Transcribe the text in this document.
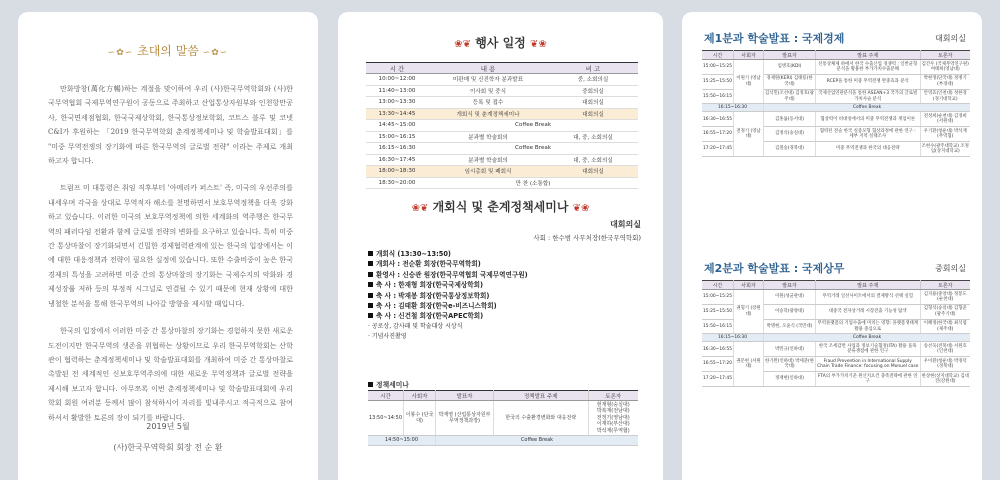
∽✿∽ 초대의 말씀 ∽✿∽

만화방창(萬化方暢)하는 계절을 맞이하여 우리 (사)한국무역학회와 (사)한국무역협회 국제무역연구원이 공동으로 주최하고 산업통상자원부와 인천항만공사, 한국면세점협회, 한국국제상학회, 한국통상정보학회, 코트스 블루 및 코넷C&I가 후원하는 「2019 한국무역학회 춘계정책세미나 및 학술발표대회」를 "미중 무역전쟁의 장기화에 따른 한국무역의 글로벌 전략" 이라는 주제로 개최하고자 합니다.

트럼프 미 대통령은 취임 직후부터 '아메리카 퍼스트' 즉, 미국의 우선주의를 내세우며 각국을 상대로 무역적자 해소를 천명하면서 보호무역정책을 더욱 강화하고 있습니다. 이러한 미국의 보호무역정책에 의한 세계화의 역주행은 한국무역의 패러다임 전환과 함께 글로벌 전략의 변화를 요구하고 있습니다. 특히 미중 간 통상마찰이 장기화되면서 긴밀한 경제협력관계에 있는 한국의 입장에서는 이에 대한 대응정책과 전략이 필요한 실정에 있습니다. 또한 수출비중이 높은 한국경제의 특성을 고려하면 미중 간의 통상마찰의 장기화는 국제수지의 악화와 경제성장률 저하 등의 부정적 시그널로 연결될 수 있기 때문에 현재 상황에 대한 냉철한 분석을 통해 한국무역의 나아갈 방향을 제시할 때입니다.

한국의 입장에서 이러한 미중 간 통상마찰의 장기화는 경험하지 못한 새로운 도전이지만 한국무역의 생존을 위협하는 상황이므로 우리 한국무역학회는 산학관이 협력하는 춘계정책세미나 및 학술발표대회를 개최하여 미중 간 통상마찰로 촉발된 전 세계적인 신보호무역주의에 대한 새로운 무역정책과 글로벌 전략을 제시해 보고자 합니다. 아무쪼록 이번 춘계정책세미나 및 학술발표대회에 우리 학회 회원 여러분 등께서 많이 참석하시어 자리를 빛내주시고 적극적으로 참여하셔서 활발한 토론의 장이 되기를 바랍니다.

2019년 5월
(사)한국무역학회 회장 전 순 환
❀❦ 행사 일정 ❦❀
시 간	내 용	비 고
10:00~12:00	미판매 및 신진학자 분과발표	중, 소회의실
11:40~13:00	이사회 및 중식	중회의실
13:00~13:30	등록 및 접수	대회의실
13:30~14:45	개회식 및 춘계정책세미나	대회의실
14:45~15:00	Coffee Break	
15:00~16:15	분과별 학술회의	대, 중, 소회의실
16:15~16:30	Coffee Break	
16:30~17:45	분과별 학술회의	대, 중, 소회의실
18:00~18:30	임시총회 및 폐회식	대회의실
18:30~20:00	만 찬 (소통합)	
❀❦ 개회식 및 춘계정책세미나 ❦❀
대회의실
사회 : 한수범 사무처장(한국무역학회)
개회식 (13:30~13:50)
개회사 : 전순환 회장(한국무역학회)
환영사 : 신승관 원장(한국무역협회 국제무역연구원)
축 사 : 한재형 회장(한국국제상학회)
축 사 : 박재봉 회장(한국통상정보학회)
축 사 : 김태환 회장(한국e-비즈니스학회)
축 사 : 신건철 회장(한국APEC학회)
· 공로상, 감사패 및 학술대상 시상식
· 기념사진촬영
정책세미나
시간	사회자	발표자	정책발표 주제	토론자
13:50~14:50	이봉수 (단국대)	박재영 (산업통상자원부 무역정책과장)	한국의 수출환경변화와 대응전략	현재형(숭실대)
박복재(전남대)
전정기(영남대)
이재하(부산대)
박석재(무역협)
14:50~15:00		Coffee Break		
제1분과 학술발표 : 국제경제	대회의실
시간	사회자	발표자	발표 주제	토론자
15:00~15:25	이원기 (영남대)	임병호(KDI)	신통상체제 하에서 한국 수출산업 경쟁력 : 일반균형분석을 활용한 부가가치수출분해	김건우 (국제무역연구원) 여태희(영남대)
15:25~15:50		경제원(KERI) 김태룡(한국대)	RCEP을 통한 미중 무역전쟁 완충효과 분석	박현정(단국대) 정병기(부경대)
15:50~16:15		김석민(조선대) 김정호(광주대)	국제산업연관분석을 통한 ASEAN+3 국가의 글로벌가치사슬 분석	안영효(인천대) 성한경(경기대학교)
16:15~16:30		Coffee Break		
16:30~16:55	전정기 (영남대)	김홍률(동서대)	협상력이 비대칭에서의 미중 무역전쟁과 게임이론	전성희(순천대) 김경희(서원대)
16:55~17:20		김정석(숭실대)	협력된 전술 한국 실증모형 협상과정에 관한 연구 : 세부 지역 실태조사	우기환(청운대) 박석재(무역협)
17:20~17:45		김철승(경북대)	미중 무역전쟁과 한국의 대응전략	조현수(광주대학교) 조정임(상지대학교)
제2분과 학술발표 : 국제상무	중회의실
시간	사회자	발표자	발표 주제	토론자
15:00~15:25	권형기 (강원대)	이원(성균관대)	무역거래 일선사이트에서의 결제방식 선택 실험	김지용(중앙대) 정봉도(순천대)
15:25~15:50		이승학(광양대)	대중국 전자상거래 시장진출 기능성 탐색	김형석(숭실대) 김형준(광주기대)
15:50~16:15		박명현, 오윤식 (국민대)	무역플랫폼의 기업수출에 미치는 영향: 플랫폼생태계활용 중심으로	이혜정(한국대) 최석엽(제주대)
16:15~16:30		Coffee Break		
16:30~16:55	권문현 (서원대)	박민규(인하대)	한국 조세감면 사업과 정보기술협정(ITA) 활용 품목분류쟁점에 관한 연구	송선욱(전북대) 서원호(인천대)
16:55~17:20		한기완(인하대) 박세준(한국대)	Fraud Prevention in International Supply Chain Trade Finance: focusing on Monuel case	우이환(청운대) 박경덕(경북대)
17:20~17:45		정재현(인하대)	FTA의 부가가치기준 원산지요건 충족전략에 관한 연구	한상현(상지대학교) 김대진(강원대)
